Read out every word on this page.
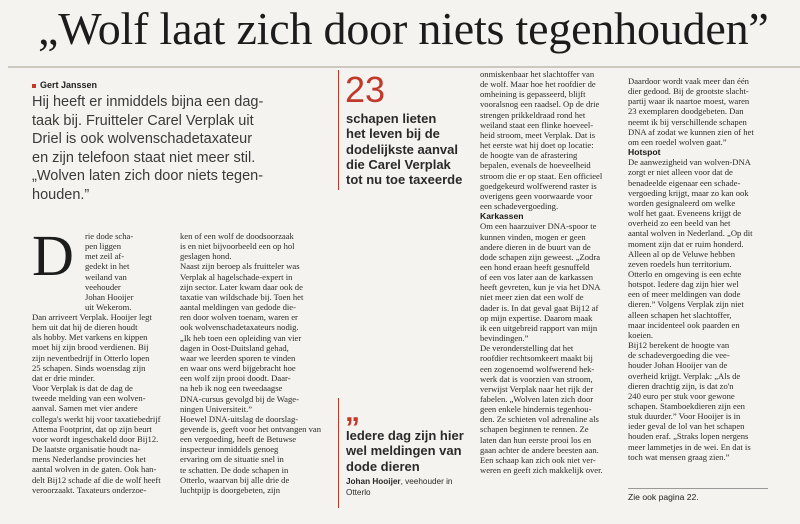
„Wolf laat zich door niets tegenhouden”
Gert Janssen

Hij heeft er inmiddels bijna een dag-

taak bij. Fruitteler Carel Verplak uit

Driel is ook wolvenschadetaxateur

en zijn telefoon staat niet meer stil.

„Wolven laten zich door niets tegen-

houden.”

D rie dode scha-

pen liggen

met zeil af-

gedekt in het

weiland van

veehouder

Johan Hooijer

uit Wekerom.

Dan arriveert Verplak. Hooijer legt

hem uit dat hij de dieren houdt

als hobby. Met varkens en kippen

moet hij zijn brood verdienen. Bij

zijn neventbedrijf in Otterlo lopen

25 schapen. Sinds woensdag zijn

dat er drie minder.

Voor Verplak is dat de dag de

tweede melding van een wolven-

aanval. Samen met vier andere

collega's werkt hij voor taxatiebedrijf

Attema Footprint, dat op zijn beurt

voor wordt ingeschakeld door Bij12.

De laatste organisatie houdt na-

mens Nederlandse provincies het

aantal wolven in de gaten. Ook han-

delt Bij12 schade af die de wolf heeft

veroorzaakt. Taxateurs onderzoe-

ken of een wolf de doodsoorzaak

is en niet bijvoorbeeld een op hol

geslagen hond.

Naast zijn beroep als fruitteler was

Verplak al hagelschade-expert in

zijn sector. Later kwam daar ook de

taxatie van wildschade bij. Toen het

aantal meldingen van gedode die-

ren door wolven toenam, waren er

ook wolvenschadetaxateurs nodig.

„Ik heb toen een opleiding van vier

dagen in Oost-Duitsland gehad,

waar we leerden sporen te vinden

en waar ons werd bijgebracht hoe

een wolf zijn prooi doodt. Daar-

na heb ik nog een tweedaagse

DNA-cursus gevolgd bij de Wage-

ningen Universiteit.”

Hoewel DNA-uitslag de doorslag-

gevende is, geeft voor het ontvangen van

een vergoeding, heeft de Betuwse

inspecteur inmiddels genoeg

ervaring om de situatie snel in

te schatten. De dode schapen in

Otterlo, waarvan bij alle drie de

luchtpijp is doorgebeten, zijn

23

schapen lieten

het leven bij de

dodelijkste aanval

die Carel Verplak

tot nu toe taxeerde

„

Iedere dag zijn hier

wel meldingen van

dode dieren

Johan Hooijer, veehouder in

Otterlo

onmiskenbaar het slachtoffer van

de wolf. Maar hoe het roofdier de

omheining is gepasseerd, blijft

vooralsnog een raadsel. Op de drie

strengen prikkeldraad rond het

weiland staat een flinke hoeveel-

heid stroom, meet Verplak. Dat is

het eerste wat hij doet op locatie:

de hoogte van de afrastering

bepalen, evenals de hoeveelheid

stroom die er op staat. Een officieel

goedgekeurd wolfwerend raster is

overigens geen voorwaarde voor

een schadevergoeding.

Karkassen

Om een haarzuiver DNA-spoor te

kunnen vinden, mogen er geen

andere dieren in de buurt van de

dode schapen zijn geweest. „Zodra

een hond eraan heeft gesnuffeld

of een vos later aan de karkassen

heeft gevreten, kun je via het DNA

niet meer zien dat een wolf de

dader is. In dat geval gaat Bij12 af

op mijn expertise. Daarom maak

ik een uitgebreid rapport van mijn

bevindingen.”

De veronderstelling dat het

roofdier rechtsomkeert maakt bij

een zogenoemd wolfwerend hek-

werk dat is voorzien van stroom,

verwijst Verplak naar het rijk der

fabelen. „Wolven laten zich door

geen enkele hindernis tegenhou-

den. Ze schieten vol adrenaline als

schapen beginnen te rennen. Ze

laten dan hun eerste prooi los en

gaan achter de andere beesten aan.

Een schaap kan zich ook niet ver-

weren en geeft zich makkelijk over.

Daardoor wordt vaak meer dan één

dier gedood. Bij de grootste slacht-

partij waar ik naartoe moest, waren

23 exemplaren doodgebeten. Dan

neemt ik bij verschillende schapen

DNA af zodat we kunnen zien of het

om een roedel wolven gaat.”

Hotspot

De aanwezigheid van wolven-DNA

zorgt er niet alleen voor dat de

benadeelde eigenaar een schade-

vergoeding krijgt, maar zo kan ook

worden gesignaleerd om welke

wolf het gaat. Eveneens krijgt de

overheid zo een beeld van het

aantal wolven in Nederland. „Op dit

moment zijn dat er ruim honderd.

Alleen al op de Veluwe hebben

zeven roedels hun territorium.

Otterlo en omgeving is een echte

hotspot. Iedere dag zijn hier wel

een of meer meldingen van dode

dieren.” Volgens Verplak zijn niet

alleen schapen het slachtoffer,

maar incidenteel ook paarden en

koeien.

Bij12 berekent de hoogte van

de schadevergoeding die vee-

houder Johan Hooijer van de

overheid krijgt. Verplak: „Als de

dieren drachtig zijn, is dat zo'n

240 euro per stuk voor gewone

schapen. Stamboekdieren zijn een

stuk duurder.” Voor Hooijer is in

ieder geval de lol van het schapen

houden eraf. „Straks lopen nergens

meer lammetjes in de wei. En dat is

toch wat mensen graag zien.”

Zie ook pagina 22.
